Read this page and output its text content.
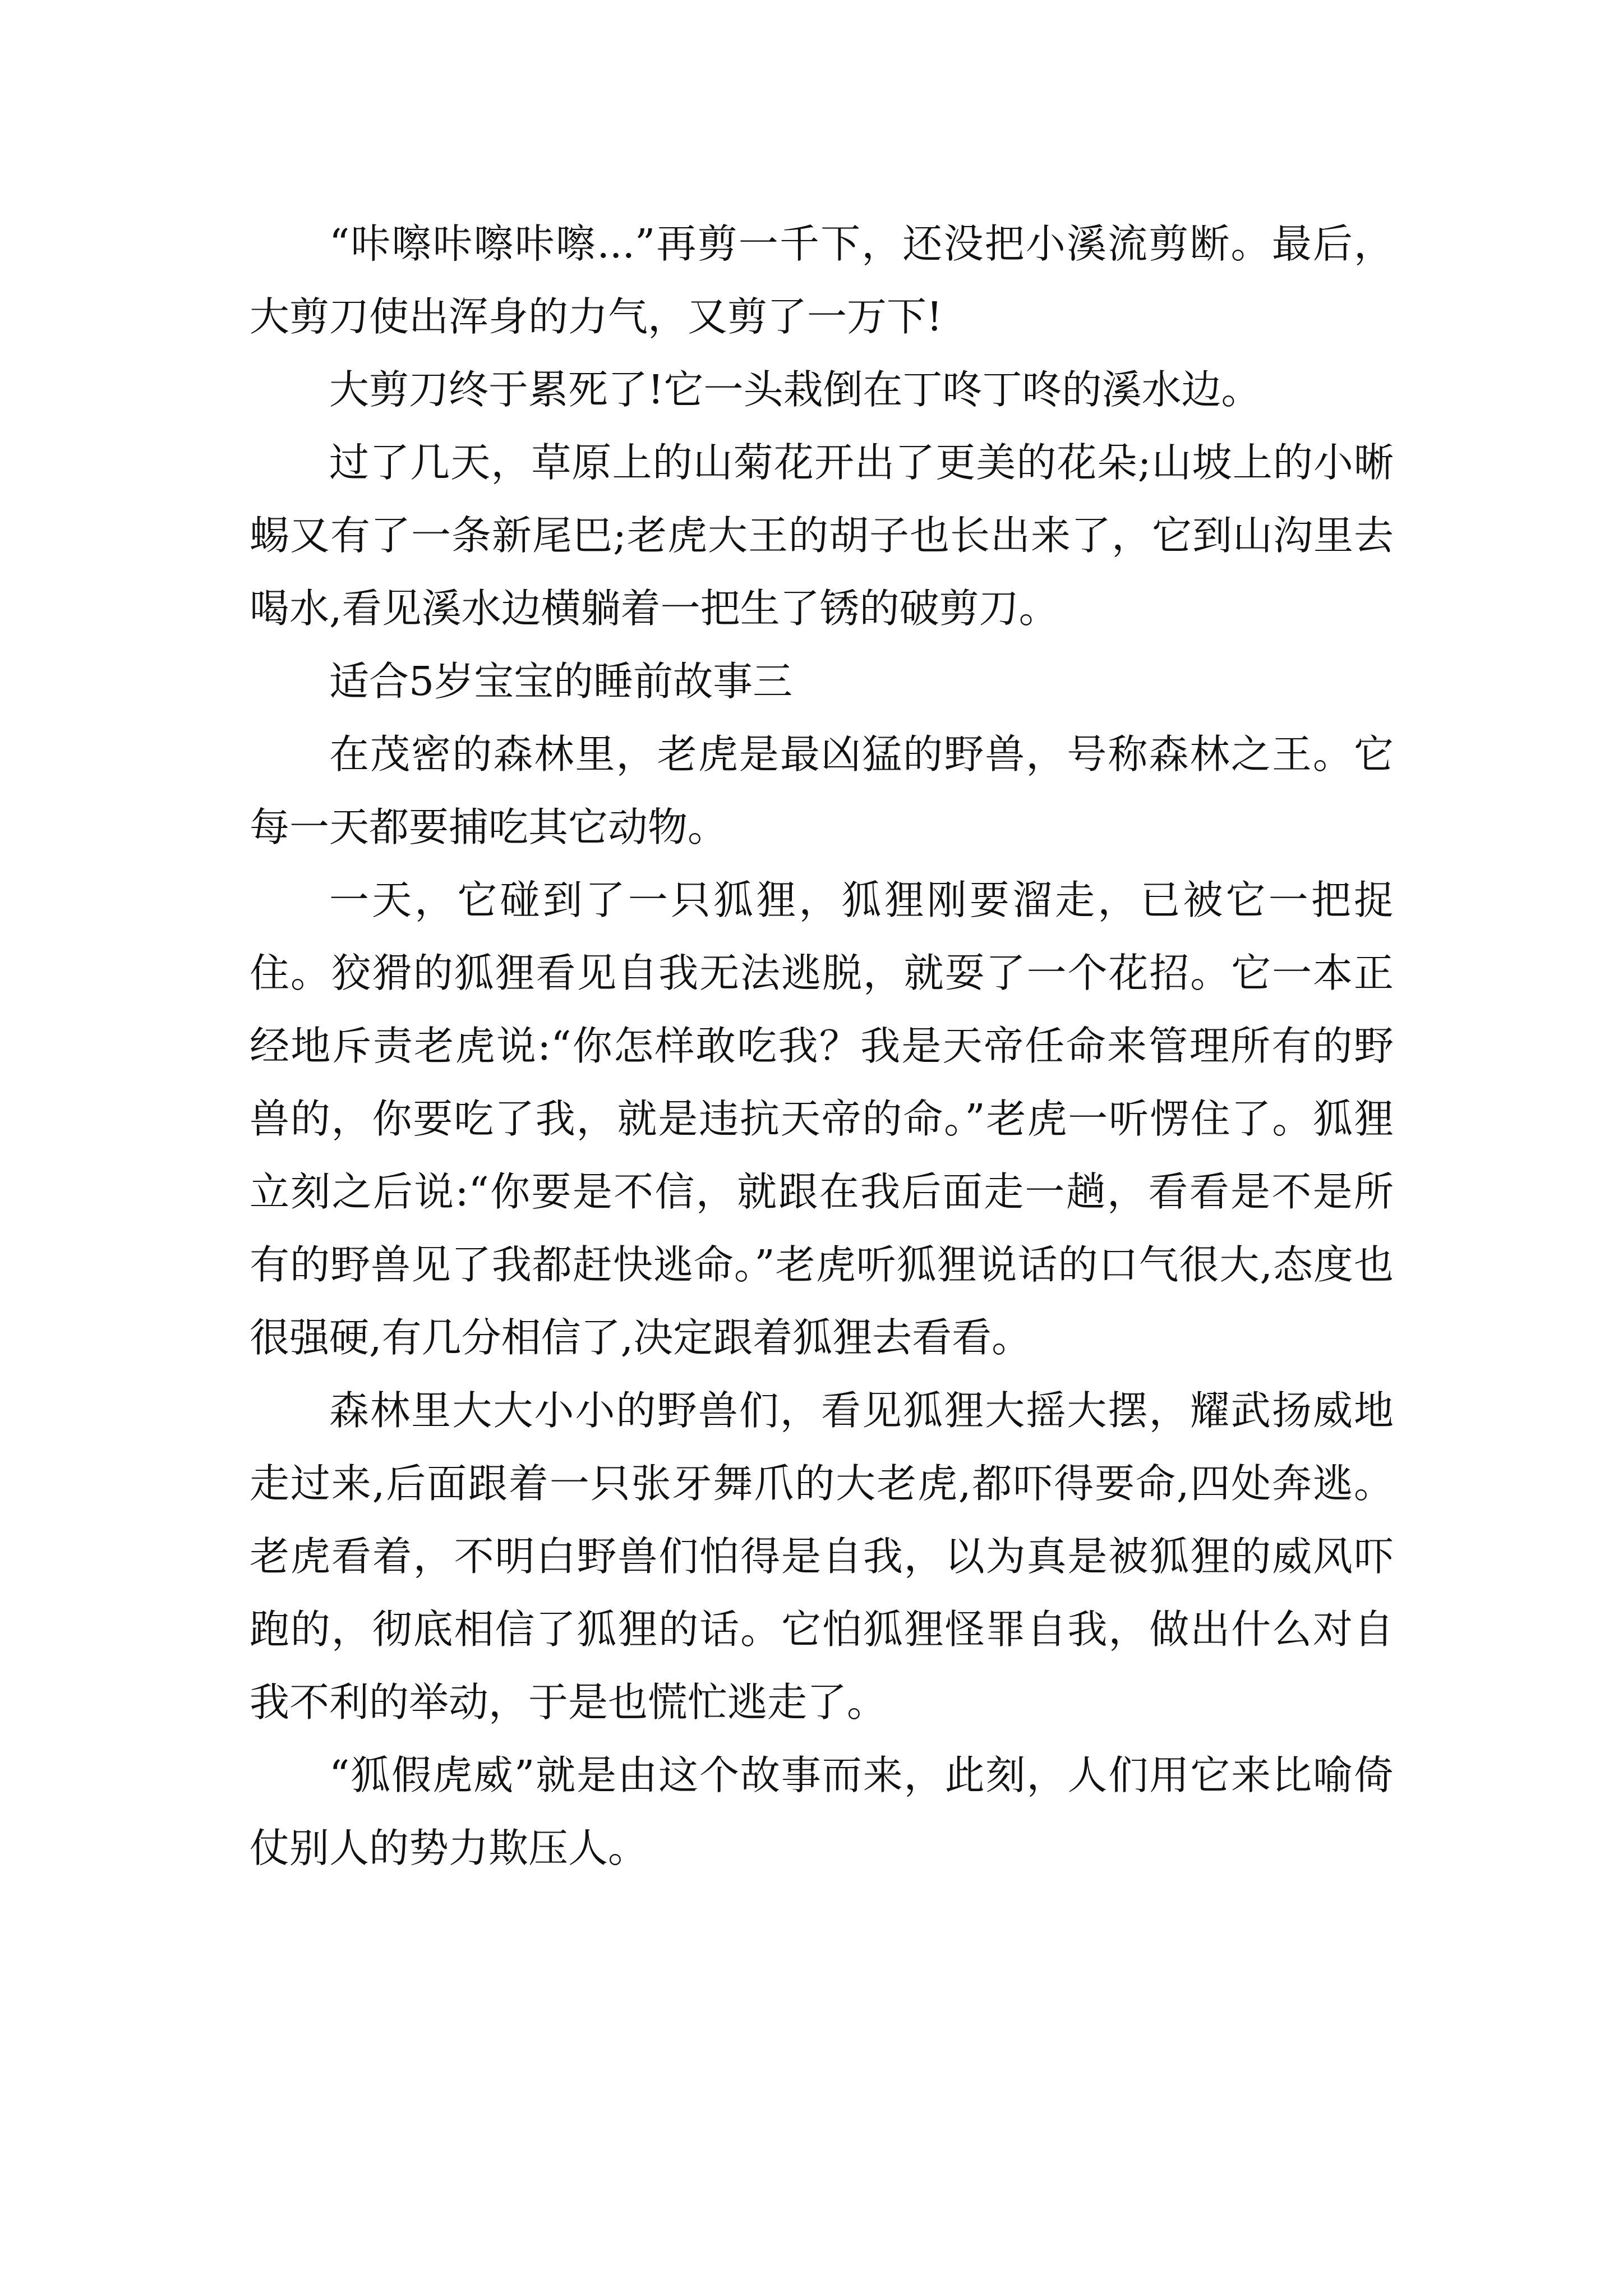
“咔嚓咔嚓咔嚓...”再剪一千下，还没把小溪流剪断。最后，大剪刀使出浑身的力气，又剪了一万下!

大剪刀终于累死了!它一头栽倒在丁咚丁咚的溪水边。

过了几天，草原上的山菊花开出了更美的花朵;山坡上的小晰蜴又有了一条新尾巴;老虎大王的胡子也长出来了，它到山沟里去喝水,看见溪水边横躺着一把生了锈的破剪刀。

适合5岁宝宝的睡前故事三

在茂密的森林里，老虎是最凶猛的野兽，号称森林之王。它每一天都要捕吃其它动物。

一天，它碰到了一只狐狸，狐狸刚要溜走，已被它一把捉住。狡猾的狐狸看见自我无法逃脱，就耍了一个花招。它一本正经地斥责老虎说:“你怎样敢吃我？我是天帝任命来管理所有的野兽的，你要吃了我，就是违抗天帝的命。”老虎一听愣住了。狐狸立刻之后说:“你要是不信，就跟在我后面走一趟，看看是不是所有的野兽见了我都赶快逃命。”老虎听狐狸说话的口气很大,态度也很强硬,有几分相信了,决定跟着狐狸去看看。

森林里大大小小的野兽们，看见狐狸大摇大摆，耀武扬威地走过来,后面跟着一只张牙舞爪的大老虎,都吓得要命,四处奔逃。老虎看着，不明白野兽们怕得是自我，以为真是被狐狸的威风吓跑的，彻底相信了狐狸的话。它怕狐狸怪罪自我，做出什么对自我不利的举动，于是也慌忙逃走了。

“狐假虎威”就是由这个故事而来，此刻，人们用它来比喻倚仗别人的势力欺压人。
